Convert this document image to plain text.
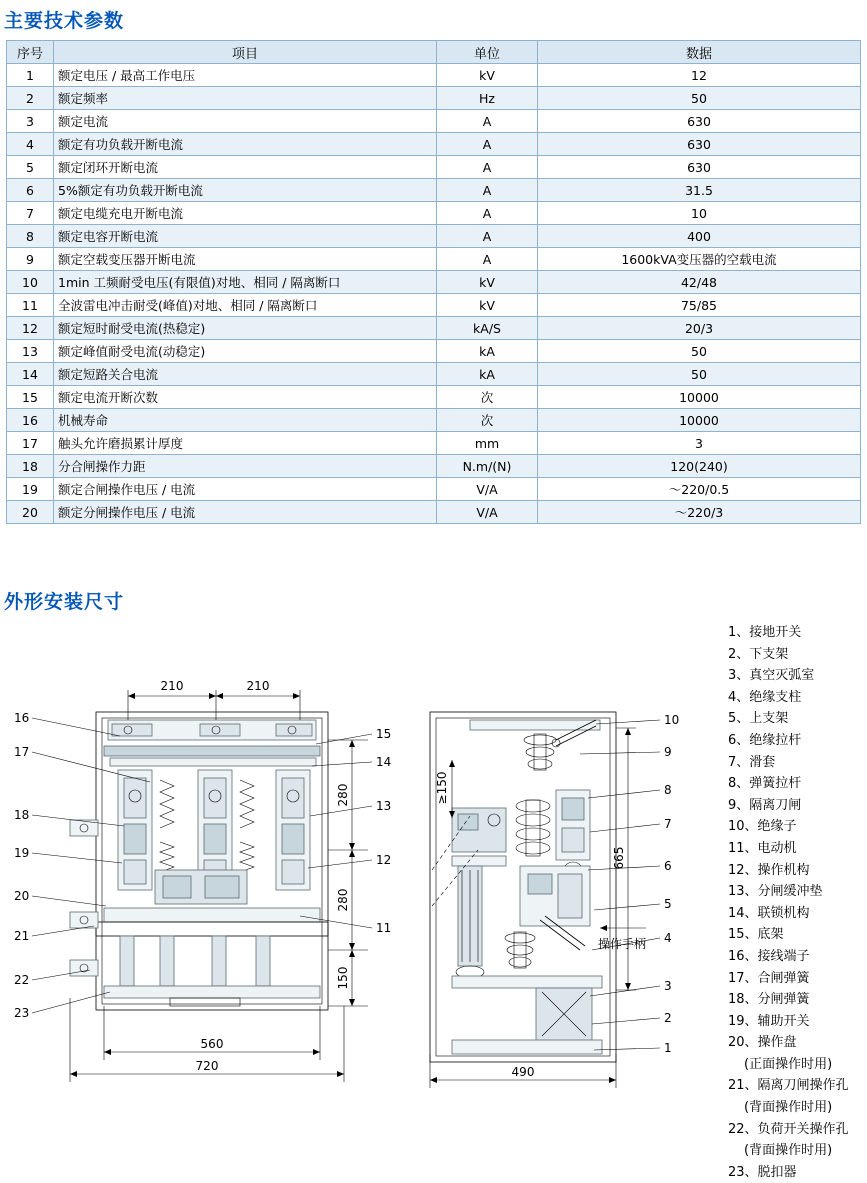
主要技术参数
序号	项目	单位	数据
1	额定电压 / 最高工作电压	kV	12
2	额定频率	Hz	50
3	额定电流	A	630
4	额定有功负载开断电流	A	630
5	额定闭环开断电流	A	630
6	5%额定有功负载开断电流	A	31.5
7	额定电缆充电开断电流	A	10
8	额定电容开断电流	A	400
9	额定空载变压器开断电流	A	1600kVA变压器的空载电流
10	1min 工频耐受电压(有限值)对地、相同 / 隔离断口	kV	42/48
11	全波雷电冲击耐受(峰值)对地、相同 / 隔离断口	kV	75/85
12	额定短时耐受电流(热稳定)	kA/S	20/3
13	额定峰值耐受电流(动稳定)	kA	50
14	额定短路关合电流	kA	50
15	额定电流开断次数	次	10000
16	机械寿命	次	10000
17	触头允许磨损累计厚度	mm	3
18	分合闸操作力距	N.m/(N)	120(240)
19	额定合闸操作电压 / 电流	V/A	〜220/0.5
20	额定分闸操作电压 / 电流	V/A	〜220/3
外形安装尺寸
210	210
280
280
150
560
720
16
17
18
19
20
21
22
23
15
14
13
12
11
665
≥150
490
操作手柄
10
9
8
7
6
5
4
3
2
1
1、接地开关
2、下支架
3、真空灭弧室
4、绝缘支柱
5、上支架
6、绝缘拉杆
7、滑套
8、弹簧拉杆
9、隔离刀闸
10、绝缘子
11、电动机
12、操作机构
13、分闸缓冲垫
14、联锁机构
15、底架
16、接线端子
17、合闸弹簧
18、分闸弹簧
19、辅助开关
20、操作盘
(正面操作时用)
21、隔离刀闸操作孔
(背面操作时用)
22、负荷开关操作孔
(背面操作时用)
23、脱扣器
